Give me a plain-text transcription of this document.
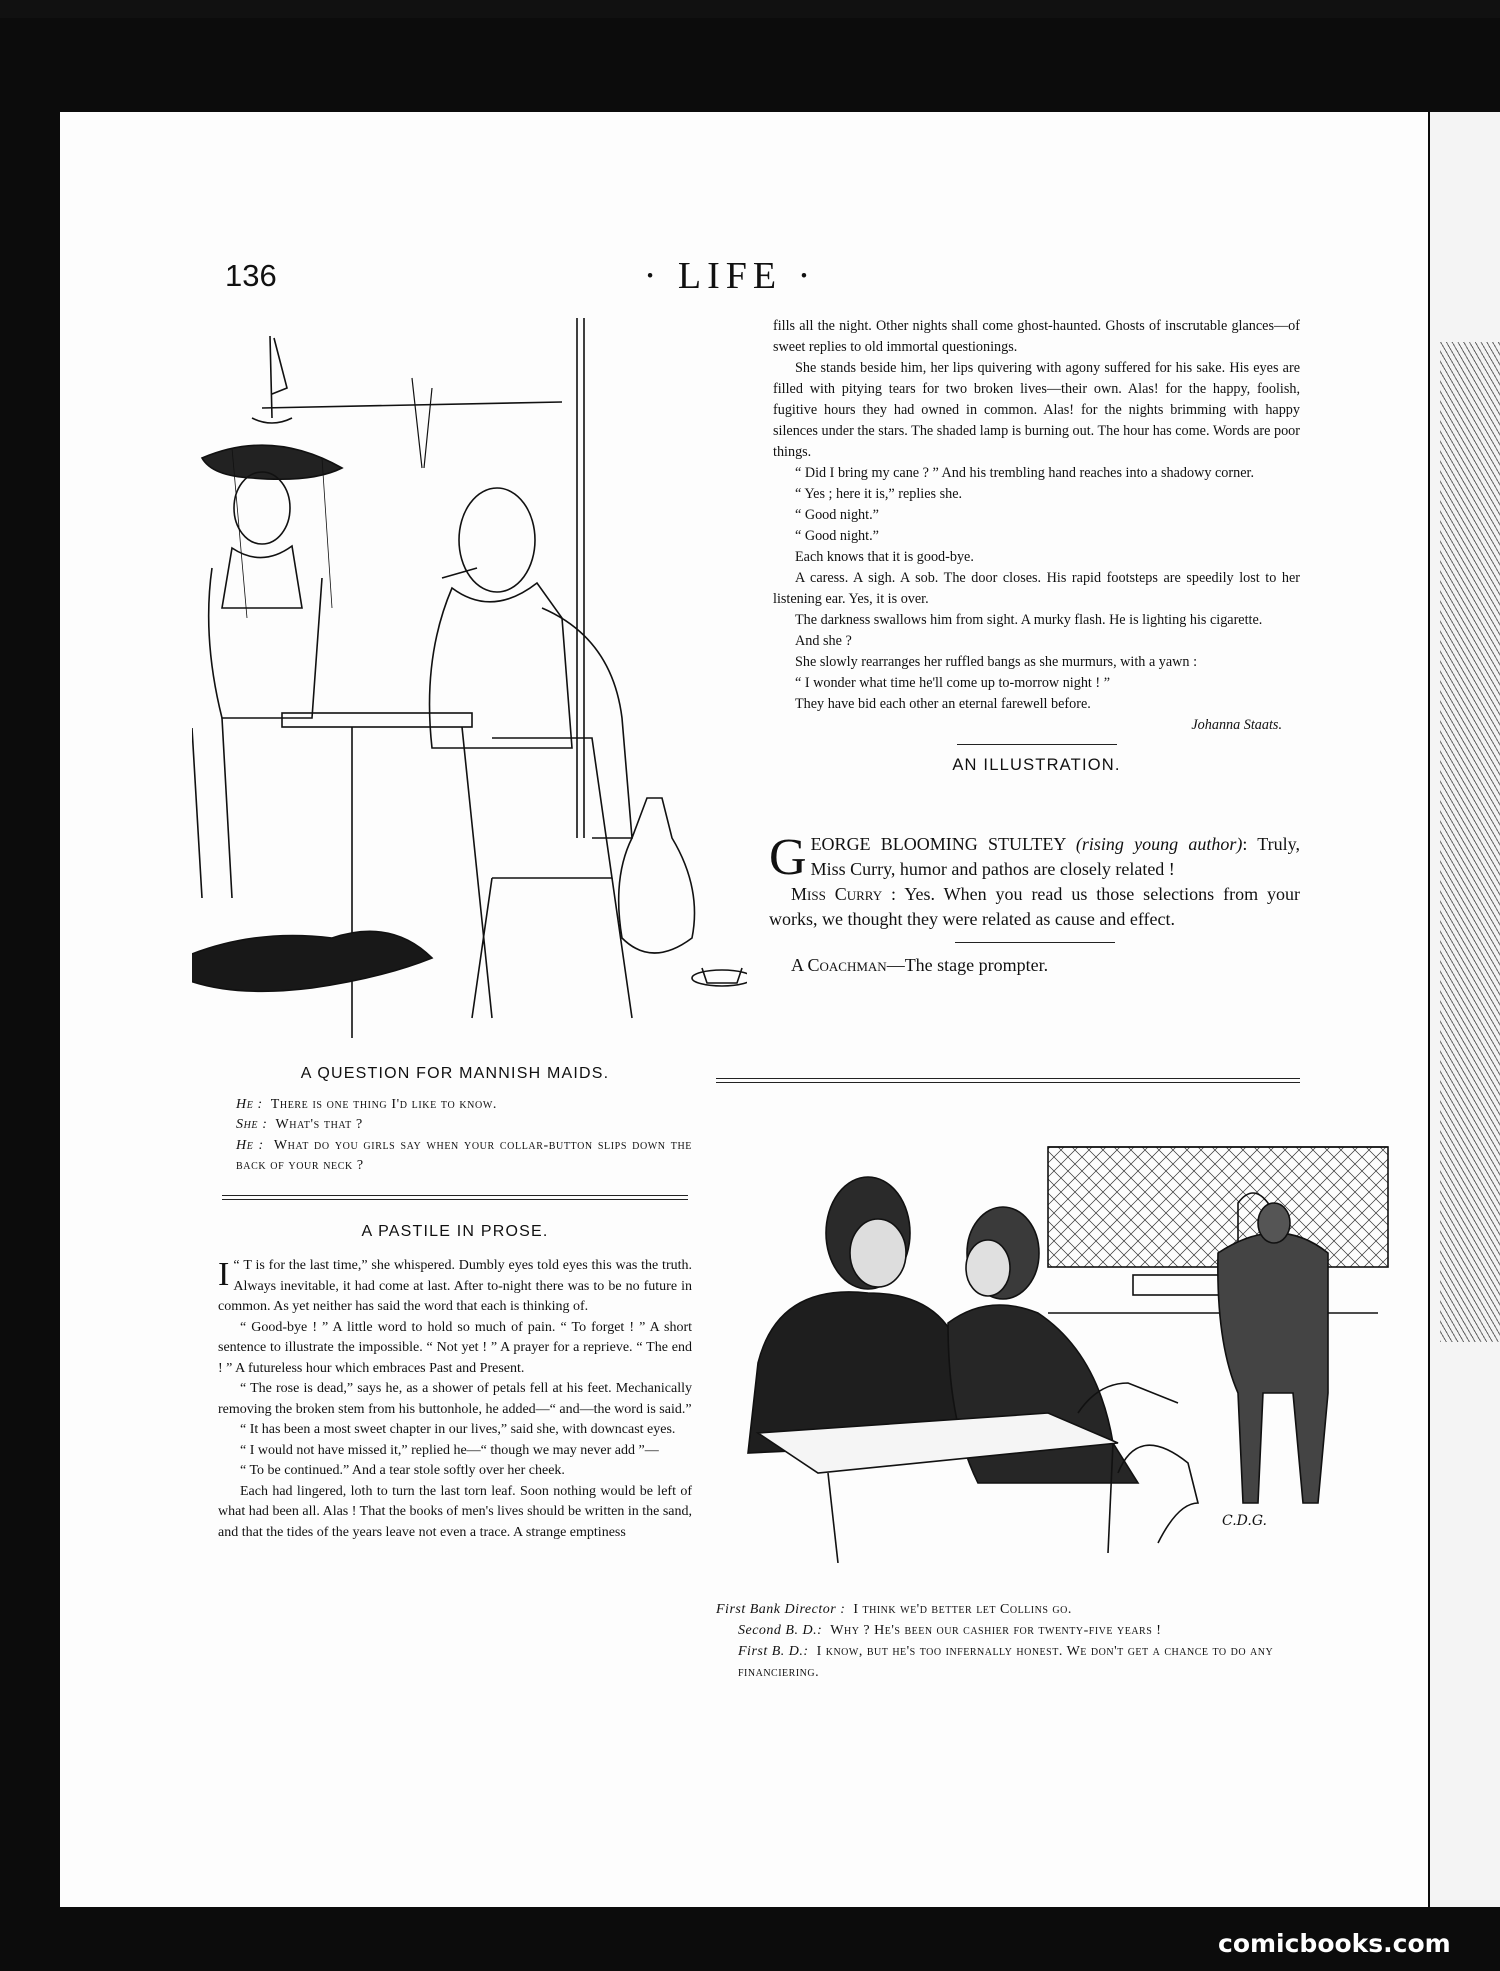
136	· LIFE ·

fills all the night. Other nights shall come ghost-haunted. Ghosts of inscrutable glances—of sweet replies to old immortal questionings.

She stands beside him, her lips quivering with agony suffered for his sake. His eyes are filled with pitying tears for two broken lives—their own. Alas! for the happy, foolish, fugitive hours they had owned in common. Alas! for the nights brimming with happy silences under the stars. The shaded lamp is burning out. The hour has come. Words are poor things.

“ Did I bring my cane ? ” And his trembling hand reaches into a shadowy corner.

“ Yes ; here it is,” replies she.

“ Good night.”

“ Good night.”

Each knows that it is good-bye.

A caress. A sigh. A sob. The door closes. His rapid footsteps are speedily lost to her listening ear. Yes, it is over.

The darkness swallows him from sight. A murky flash. He is lighting his cigarette.

And she ?

She slowly rearranges her ruffled bangs as she murmurs, with a yawn :

“ I wonder what time he'll come up to-morrow night ! ”

They have bid each other an eternal farewell before.

Johanna Staats.
AN ILLUSTRATION.

GEORGE BLOOMING STULTEY (rising young author): Truly, Miss Curry, humor and pathos are closely related !

Miss Curry : Yes. When you read us those selections from your works, we thought they were related as cause and effect.

A Coachman—The stage prompter.

A QUESTION FOR MANNISH MAIDS.

He : There is one thing I'd like to know.

She : What's that ?

He : What do you girls say when your collar-button slips down the back of your neck ?

A PASTILE IN PROSE.

“
I T is for the last time,” she whispered. Dumbly eyes told eyes this was the truth. Always inevitable, it had come at last. After to-night there was to be no future in common. As yet neither has said the word that each is thinking of.

“ Good-bye ! ” A little word to hold so much of pain. “ To forget ! ” A short sentence to illustrate the impossible. “ Not yet ! ” A prayer for a reprieve. “ The end ! ” A futureless hour which embraces Past and Present.

“ The rose is dead,” says he, as a shower of petals fell at his feet. Mechanically removing the broken stem from his buttonhole, he added—“ and—the word is said.”

“ It has been a most sweet chapter in our lives,” said she, with downcast eyes.

“ I would not have missed it,” replied he—“ though we may never add ”—

“ To be continued.” And a tear stole softly over her cheek.

Each had lingered, loth to turn the last torn leaf. Soon nothing would be left of what had been all. Alas ! That the books of men's lives should be written in the sand, and that the tides of the years leave not even a trace. A strange emptiness

C.D.G.

First Bank Director : I think we'd better let Collins go.

Second B. D.: Why ? He's been our cashier for twenty-five years !

First B. D.: I know, but he's too infernally honest. We don't get a chance to do any financiering.

comicbooks.com
